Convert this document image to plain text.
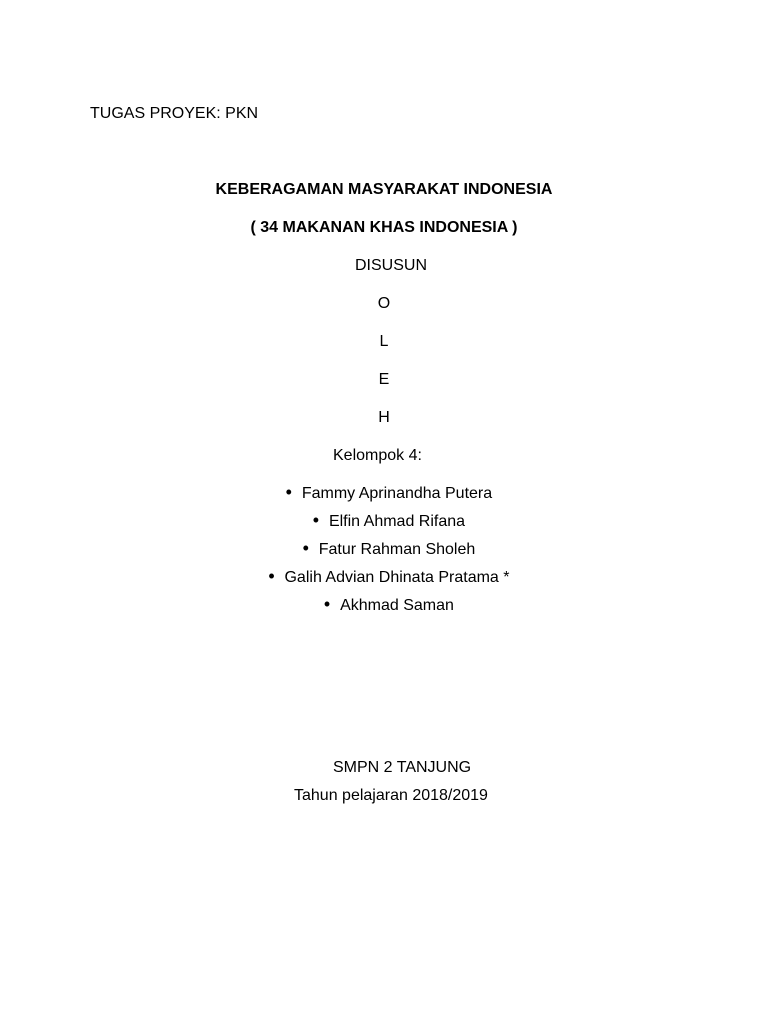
TUGAS PROYEK: PKN
KEBERAGAMAN MASYARAKAT INDONESIA
( 34 MAKANAN KHAS INDONESIA )
DISUSUN
O
L
E
H
Kelompok 4:
•Fammy Aprinandha Putera
•Elfin Ahmad Rifana
•Fatur Rahman Sholeh
•Galih Advian Dhinata Pratama *
•Akhmad Saman
SMPN 2 TANJUNG
Tahun pelajaran 2018/2019
